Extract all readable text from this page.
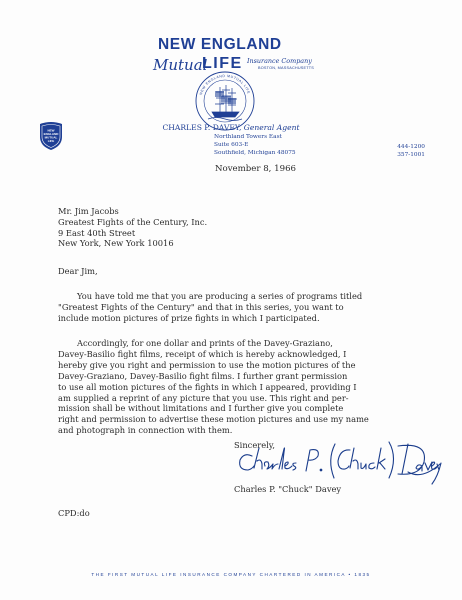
NEW ENGLAND
Mutual
LIFE Insurance Company
BOSTON, MASSACHUSETTS
NEW ENGLAND MUTUAL LIFE
NEW
ENGLAND
MUTUAL
LIFE
CHARLES P. DAVEY, General Agent
Northland Towers East
Suite 603-E
Southfield, Michigan 48075
444-1200
357-1001
November 8, 1966
Mr. Jim Jacobs
Greatest Fights of the Century, Inc.
9 East 40th Street
New York, New York 10016
Dear Jim,
You have told me that you are producing a series of programs titled
"Greatest Fights of the Century" and that in this series, you want to
include motion pictures of prize fights in which I participated.
Accordingly, for one dollar and prints of the Davey-Graziano,
Davey-Basilio fight films, receipt of which is hereby acknowledged, I
hereby give you right and permission to use the motion pictures of the
Davey-Graziano, Davey-Basilio fight films. I further grant permission
to use all motion pictures of the fights in which I appeared, providing I
am supplied a reprint of any picture that you use. This right and per-
mission shall be without limitations and I further give you complete
right and permission to advertise these motion pictures and use my name
and photograph in connection with them.
Sincerely,
Charles P. "Chuck" Davey
CPD:do
THE FIRST MUTUAL LIFE INSURANCE COMPANY CHARTERED IN AMERICA • 1835
